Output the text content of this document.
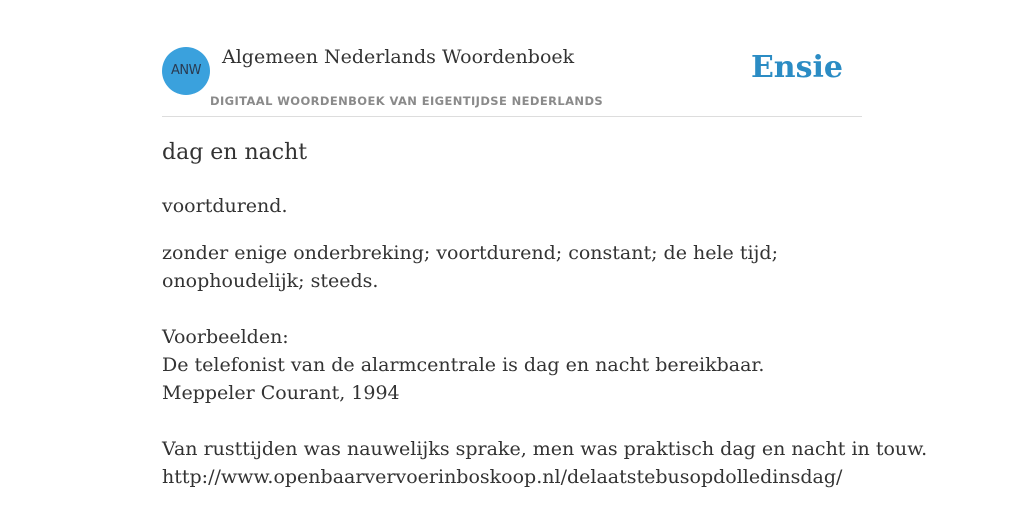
ANW
Algemeen Nederlands Woordenboek
DIGITAAL WOORDENBOEK VAN EIGENTIJDSE NEDERLANDS
Ensie
dag en nacht
voortdurend.
zonder enige onderbreking; voortdurend; constant; de hele tijd; onophoudelijk; steeds.
Voorbeelden:
De telefonist van de alarmcentrale is dag en nacht bereikbaar.
Meppeler Courant, 1994
Van rusttijden was nauwelijks sprake, men was praktisch dag en nacht in touw.
http://www.openbaarvervoerinboskoop.nl/delaatstebusopdolledinsdag/
